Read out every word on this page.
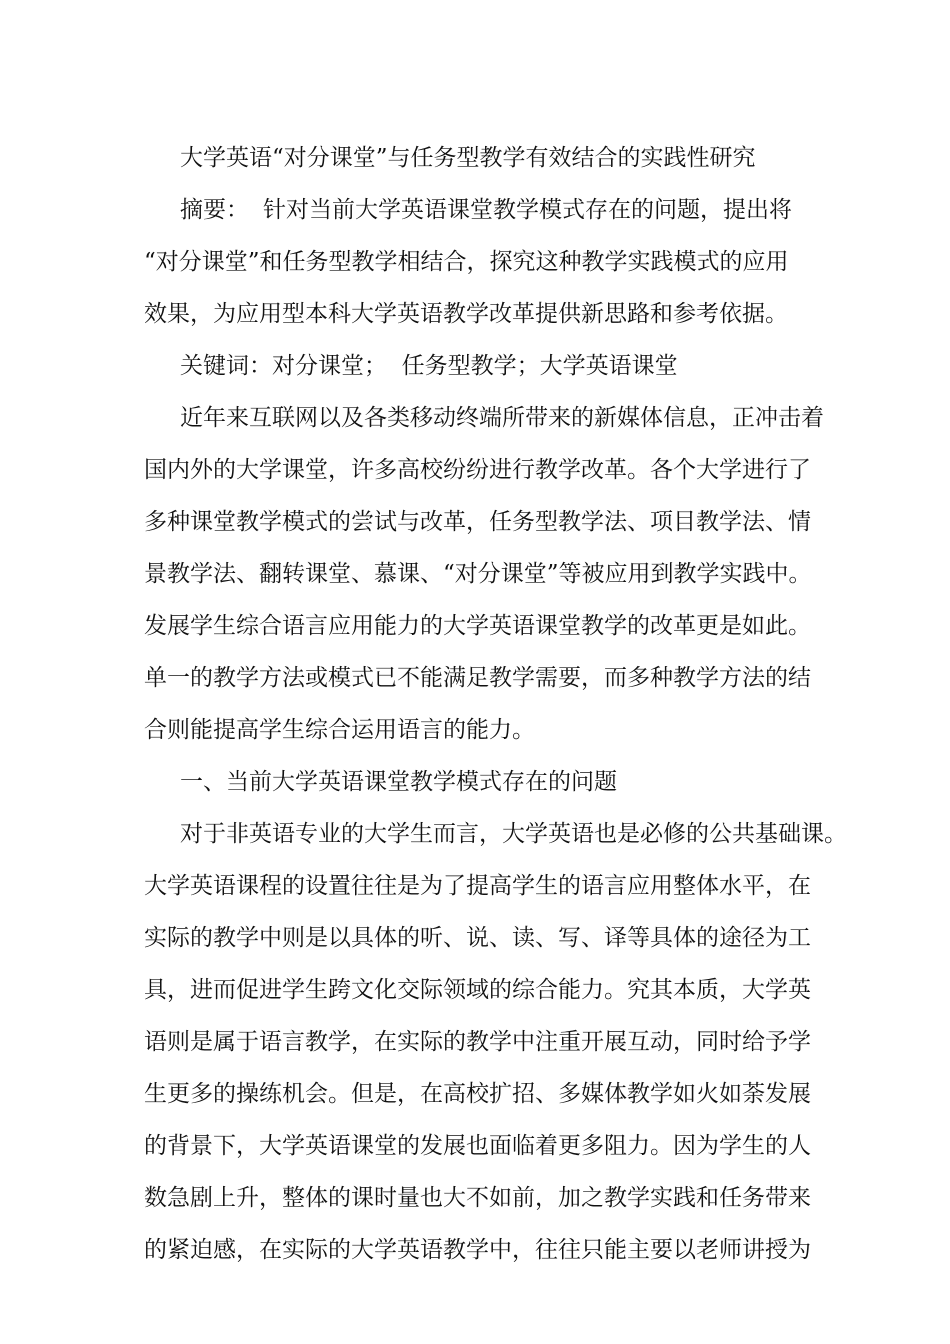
大学英语“对分课堂”与任务型教学有效结合的实践性研究

摘要： 针对当前大学英语课堂教学模式存在的问题，提出将

“对分课堂”和任务型教学相结合，探究这种教学实践模式的应用

效果，为应用型本科大学英语教学改革提供新思路和参考依据。

关键词：对分课堂；  任务型教学；大学英语课堂

近年来互联网以及各类移动终端所带来的新媒体信息，正冲击着

国内外的大学课堂，许多高校纷纷进行教学改革。各个大学进行了

多种课堂教学模式的尝试与改革，任务型教学法、项目教学法、情

景教学法、翻转课堂、慕课、“对分课堂”等被应用到教学实践中。

发展学生综合语言应用能力的大学英语课堂教学的改革更是如此。

单一的教学方法或模式已不能满足教学需要，而多种教学方法的结

合则能提高学生综合运用语言的能力。

一、当前大学英语课堂教学模式存在的问题

对于非英语专业的大学生而言，大学英语也是必修的公共基础课。

大学英语课程的设置往往是为了提高学生的语言应用整体水平，在

实际的教学中则是以具体的听、说、读、写、译等具体的途径为工

具，进而促进学生跨文化交际领域的综合能力。究其本质，大学英

语则是属于语言教学，在实际的教学中注重开展互动，同时给予学

生更多的操练机会。但是，在高校扩招、多媒体教学如火如荼发展

的背景下，大学英语课堂的发展也面临着更多阻力。因为学生的人

数急剧上升，整体的课时量也大不如前，加之教学实践和任务带来

的紧迫感，在实际的大学英语教学中，往往只能主要以老师讲授为
